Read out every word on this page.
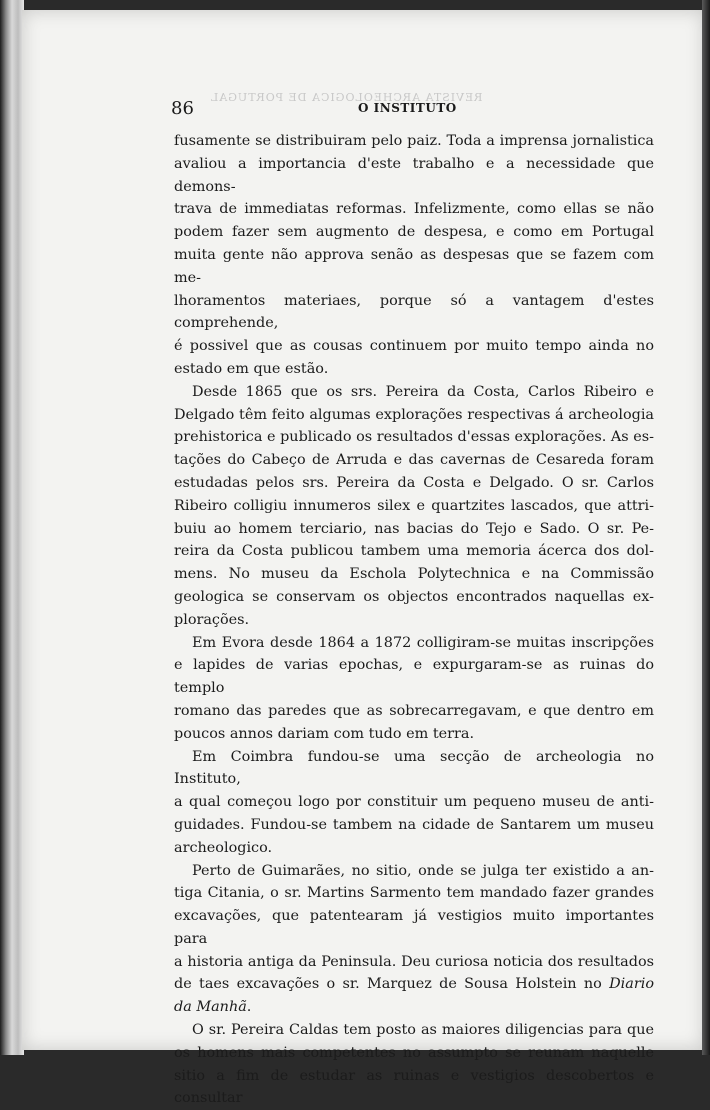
REVISTA ARCHEOLOGICA DE PORTUGAL
86	O INSTITUTO

fusamente se distribuiram pelo paiz. Toda a imprensa jornalistica

avaliou a importancia d'este trabalho e a necessidade que demons-

trava de immediatas reformas. Infelizmente, como ellas se não

podem fazer sem augmento de despesa, e como em Portugal

muita gente não approva senão as despesas que se fazem com me-

lhoramentos materiaes, porque só a vantagem d'estes comprehende,

é possivel que as cousas continuem por muito tempo ainda no

estado em que estão.

Desde 1865 que os srs. Pereira da Costa, Carlos Ribeiro e

Delgado têm feito algumas explorações respectivas á archeologia

prehistorica e publicado os resultados d'essas explorações. As es-

tações do Cabeço de Arruda e das cavernas de Cesareda foram

estudadas pelos srs. Pereira da Costa e Delgado. O sr. Carlos

Ribeiro colligiu innumeros silex e quartzites lascados, que attri-

buiu ao homem terciario, nas bacias do Tejo e Sado. O sr. Pe-

reira da Costa publicou tambem uma memoria ácerca dos dol-

mens. No museu da Eschola Polytechnica e na Commissão

geologica se conservam os objectos encontrados naquellas ex-

plorações.

Em Evora desde 1864 a 1872 colligiram-se muitas inscripções

e lapides de varias epochas, e expurgaram-se as ruinas do templo

romano das paredes que as sobrecarregavam, e que dentro em

poucos annos dariam com tudo em terra.

Em Coimbra fundou-se uma secção de archeologia no Instituto,

a qual começou logo por constituir um pequeno museu de anti-

guidades. Fundou-se tambem na cidade de Santarem um museu

archeologico.

Perto de Guimarães, no sitio, onde se julga ter existido a an-

tiga Citania, o sr. Martins Sarmento tem mandado fazer grandes

excavações, que patentearam já vestigios muito importantes para

a historia antiga da Peninsula. Deu curiosa noticia dos resultados

de taes excavações o sr. Marquez de Sousa Holstein no Diario

da Manhã.

O sr. Pereira Caldas tem posto as maiores diligencias para que

os homens mais competentes no assumpto se reunam naquelle

sitio a fim de estudar as ruinas e vestigios descobertos e consultar
